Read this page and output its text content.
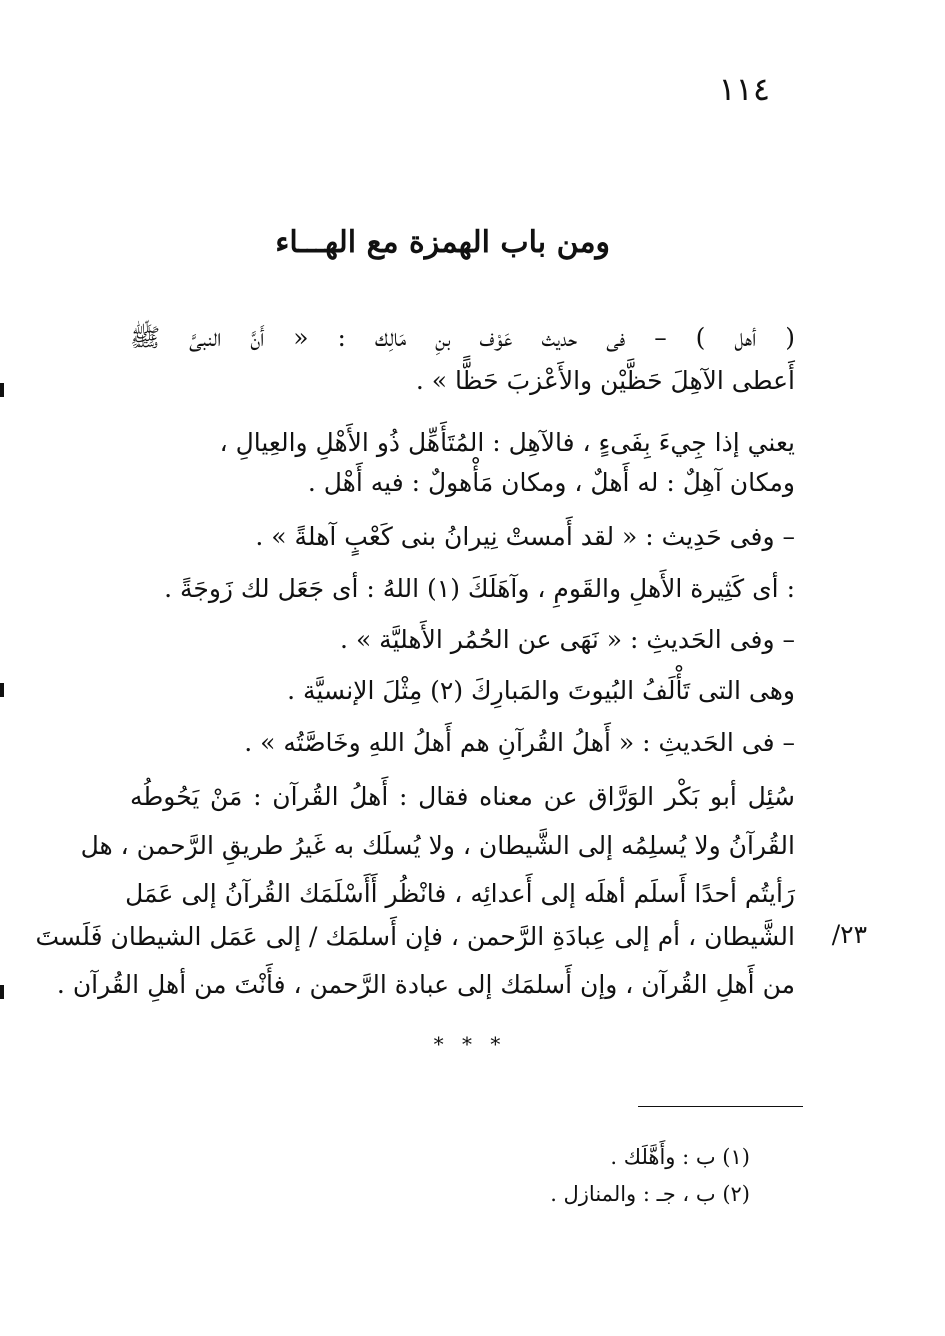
١١٤
ومن باب الهمزة مع الهـــاء
( أهل ) – فى حديث عَوْف بنِ مَالِك : « أَنَّ النبىَّ ﷺ
أَعطى الآهِلَ حَظَّيْن والأَعْزبَ حَظًّا » .
يعني إذا جِيءَ بِفَىءٍ ، فالآهِل : المُتَأَهِّل ذُو الأَهْلِ والعِيالِ ،
ومكان آهِلٌ : له أَهلٌ ، ومكان مَأْهولٌ : فيه أَهْل .
– وفى حَدِيث : « لقد أَمستْ نِيرانُ بنى كَعْبٍ آهلةً » .
: أى كَثِيرة الأَهلِ والقَومِ ، وآهَلَكَ (١) اللهُ : أى جَعَل لك زَوجَةً .
– وفى الحَديثِ : « نَهَى عن الحُمُر الأَهليَّة » .
وهى التى تَأْلَفُ البُيوتَ والمَبارِكَ (٢) مِثْلَ الإنسيَّة .
– فى الحَديثِ : « أَهلُ القُرآنِ هم أَهلُ اللهِ وخَاصَّتُه » .
سُئِل أبو بَكْر الوَرَّاق عن معناه فقال : أَهلُ القُرآن : مَنْ يَحُوطُه
القُرآنُ ولا يُسلِمُه إلى الشَّيطان ، ولا يُسلَك به غَيرُ طريقِ الرَّحمن ، هل
رَأيتُم أحدًا أَسلَم أهلَه إلى أَعدائِه ، فانْظُر أَأَسْلَمَك القُرآنُ إلى عَمَل
الشَّيطان ، أم إلى عِبادَةِ الرَّحمن ، فإن أَسلمَك / إلى عَمَل الشيطان فَلَستَ
من أَهلِ القُرآن ، وإن أَسلمَك إلى عبادة الرَّحمن ، فأَنْتَ من أهلِ القُرآن .
٢٣/
* * *
(١) ب : وأَهَّلَك .
(٢) ب ، جـ : والمنازل .
